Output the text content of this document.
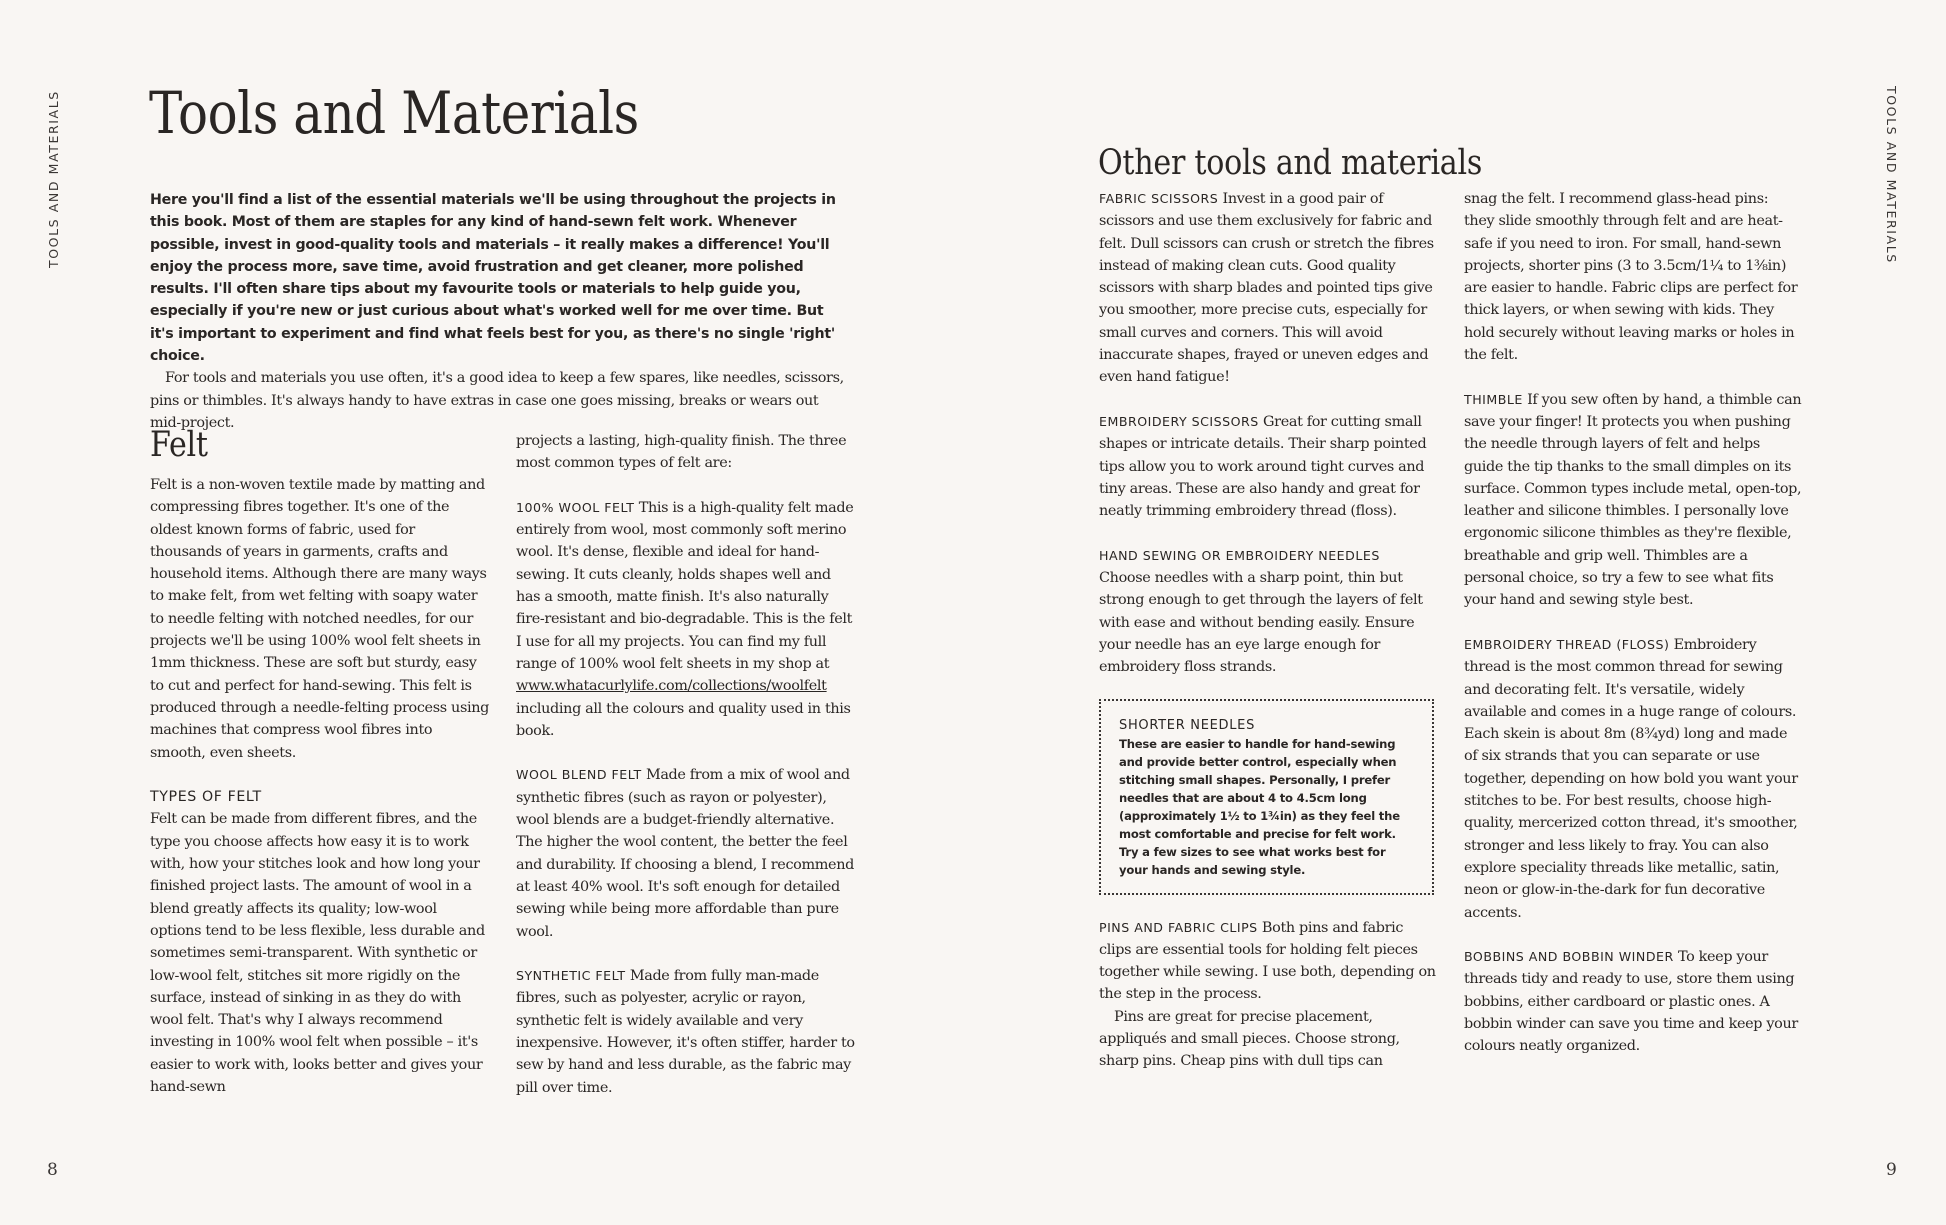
TOOLS AND MATERIALS	TOOLS AND MATERIALS
8	9
Tools and Materials

Here you'll find a list of the essential materials we'll be using throughout the projects in this book. Most of them are staples for any kind of hand-sewn felt work. Whenever possible, invest in good-quality tools and materials – it really makes a difference! You'll enjoy the process more, save time, avoid frustration and get cleaner, more polished results. I'll often share tips about my favourite tools or materials to help guide you, especially if you're new or just curious about what's worked well for me over time. But it's important to experiment and find what feels best for you, as there's no single 'right' choice.

For tools and materials you use often, it's a good idea to keep a few spares, like needles, scissors, pins or thimbles. It's always handy to have extras in case one goes missing, breaks or wears out mid-project.

Felt

Felt is a non-woven textile made by matting and compressing fibres together. It's one of the oldest known forms of fabric, used for thousands of years in garments, crafts and household items. Although there are many ways to make felt, from wet felting with soapy water to needle felting with notched needles, for our projects we'll be using 100% wool felt sheets in 1mm thickness. These are soft but sturdy, easy to cut and perfect for hand-sewing. This felt is produced through a needle-felting process using machines that compress wool fibres into smooth, even sheets.

TYPES OF FELT

Felt can be made from different fibres, and the type you choose affects how easy it is to work with, how your stitches look and how long your finished project lasts. The amount of wool in a blend greatly affects its quality; low-wool options tend to be less flexible, less durable and sometimes semi-transparent. With synthetic or low-wool felt, stitches sit more rigidly on the surface, instead of sinking in as they do with wool felt. That's why I always recommend investing in 100% wool felt when possible – it's easier to work with, looks better and gives your hand-sewn

projects a lasting, high-quality finish. The three most common types of felt are:

100% WOOL FELT This is a high-quality felt made entirely from wool, most commonly soft merino wool. It's dense, flexible and ideal for hand-sewing. It cuts cleanly, holds shapes well and has a smooth, matte finish. It's also naturally fire-resistant and bio-degradable. This is the felt I use for all my projects. You can find my full range of 100% wool felt sheets in my shop at www.whatacurlylife.com/collections/woolfelt including all the colours and quality used in this book.

WOOL BLEND FELT Made from a mix of wool and synthetic fibres (such as rayon or polyester), wool blends are a budget-friendly alternative. The higher the wool content, the better the feel and durability. If choosing a blend, I recommend at least 40% wool. It's soft enough for detailed sewing while being more affordable than pure wool.

SYNTHETIC FELT Made from fully man-made fibres, such as polyester, acrylic or rayon, synthetic felt is widely available and very inexpensive. However, it's often stiffer, harder to sew by hand and less durable, as the fabric may pill over time.

Other tools and materials

FABRIC SCISSORS Invest in a good pair of scissors and use them exclusively for fabric and felt. Dull scissors can crush or stretch the fibres instead of making clean cuts. Good quality scissors with sharp blades and pointed tips give you smoother, more precise cuts, especially for small curves and corners. This will avoid inaccurate shapes, frayed or uneven edges and even hand fatigue!

EMBROIDERY SCISSORS Great for cutting small shapes or intricate details. Their sharp pointed tips allow you to work around tight curves and tiny areas. These are also handy and great for neatly trimming embroidery thread (floss).

HAND SEWING OR EMBROIDERY NEEDLES

Choose needles with a sharp point, thin but strong enough to get through the layers of felt with ease and without bending easily. Ensure your needle has an eye large enough for embroidery floss strands.

SHORTER NEEDLES

These are easier to handle for hand-sewing and provide better control, especially when stitching small shapes. Personally, I prefer needles that are about 4 to 4.5cm long (approximately 1½ to 1¾in) as they feel the most comfortable and precise for felt work. Try a few sizes to see what works best for your hands and sewing style.

PINS AND FABRIC CLIPS Both pins and fabric clips are essential tools for holding felt pieces together while sewing. I use both, depending on the step in the process.

Pins are great for precise placement, appliqués and small pieces. Choose strong, sharp pins. Cheap pins with dull tips can

snag the felt. I recommend glass-head pins: they slide smoothly through felt and are heat-safe if you need to iron. For small, hand-sewn projects, shorter pins (3 to 3.5cm/1¼ to 1⅜in) are easier to handle. Fabric clips are perfect for thick layers, or when sewing with kids. They hold securely without leaving marks or holes in the felt.

THIMBLE If you sew often by hand, a thimble can save your finger! It protects you when pushing the needle through layers of felt and helps guide the tip thanks to the small dimples on its surface. Common types include metal, open-top, leather and silicone thimbles. I personally love ergonomic silicone thimbles as they're flexible, breathable and grip well. Thimbles are a personal choice, so try a few to see what fits your hand and sewing style best.

EMBROIDERY THREAD (FLOSS) Embroidery thread is the most common thread for sewing and decorating felt. It's versatile, widely available and comes in a huge range of colours. Each skein is about 8m (8¾yd) long and made of six strands that you can separate or use together, depending on how bold you want your stitches to be. For best results, choose high-quality, mercerized cotton thread, it's smoother, stronger and less likely to fray. You can also explore speciality threads like metallic, satin, neon or glow-in-the-dark for fun decorative accents.

BOBBINS AND BOBBIN WINDER To keep your threads tidy and ready to use, store them using bobbins, either cardboard or plastic ones. A bobbin winder can save you time and keep your colours neatly organized.
